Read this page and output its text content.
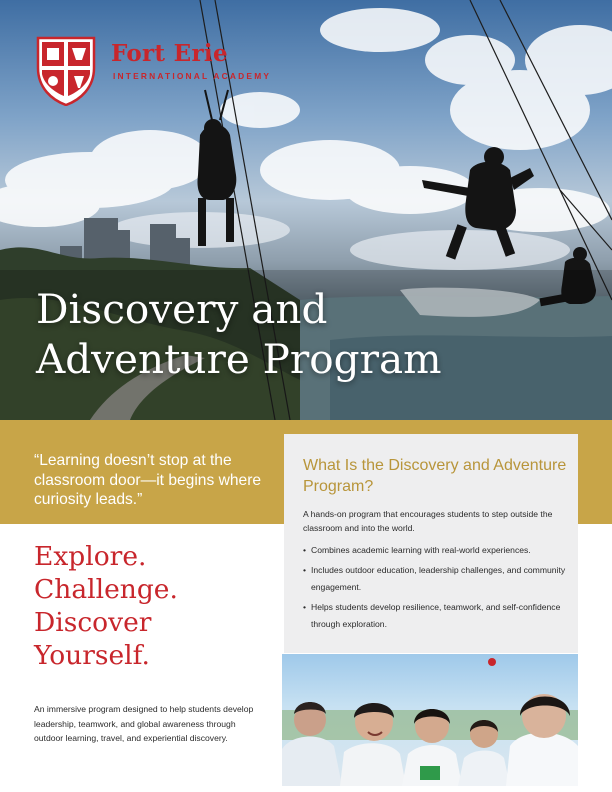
Fort Erie
INTERNATIONAL ACADEMY
Discovery and
Adventure Program
“Learning doesn’t stop at the classroom door—it begins where curiosity leads.”
What Is the Discovery and Adventure Program?
A hands-on program that encourages students to step outside the classroom and into the world.
• Combines academic learning with real-world experiences.
• Includes outdoor education, leadership challenges, and community engagement.
• Helps students develop resilience, teamwork, and self-confidence through exploration.
Explore.
Challenge.
Discover
Yourself.
An immersive program designed to help students develop leadership, teamwork, and global awareness through outdoor learning, travel, and experiential discovery.
